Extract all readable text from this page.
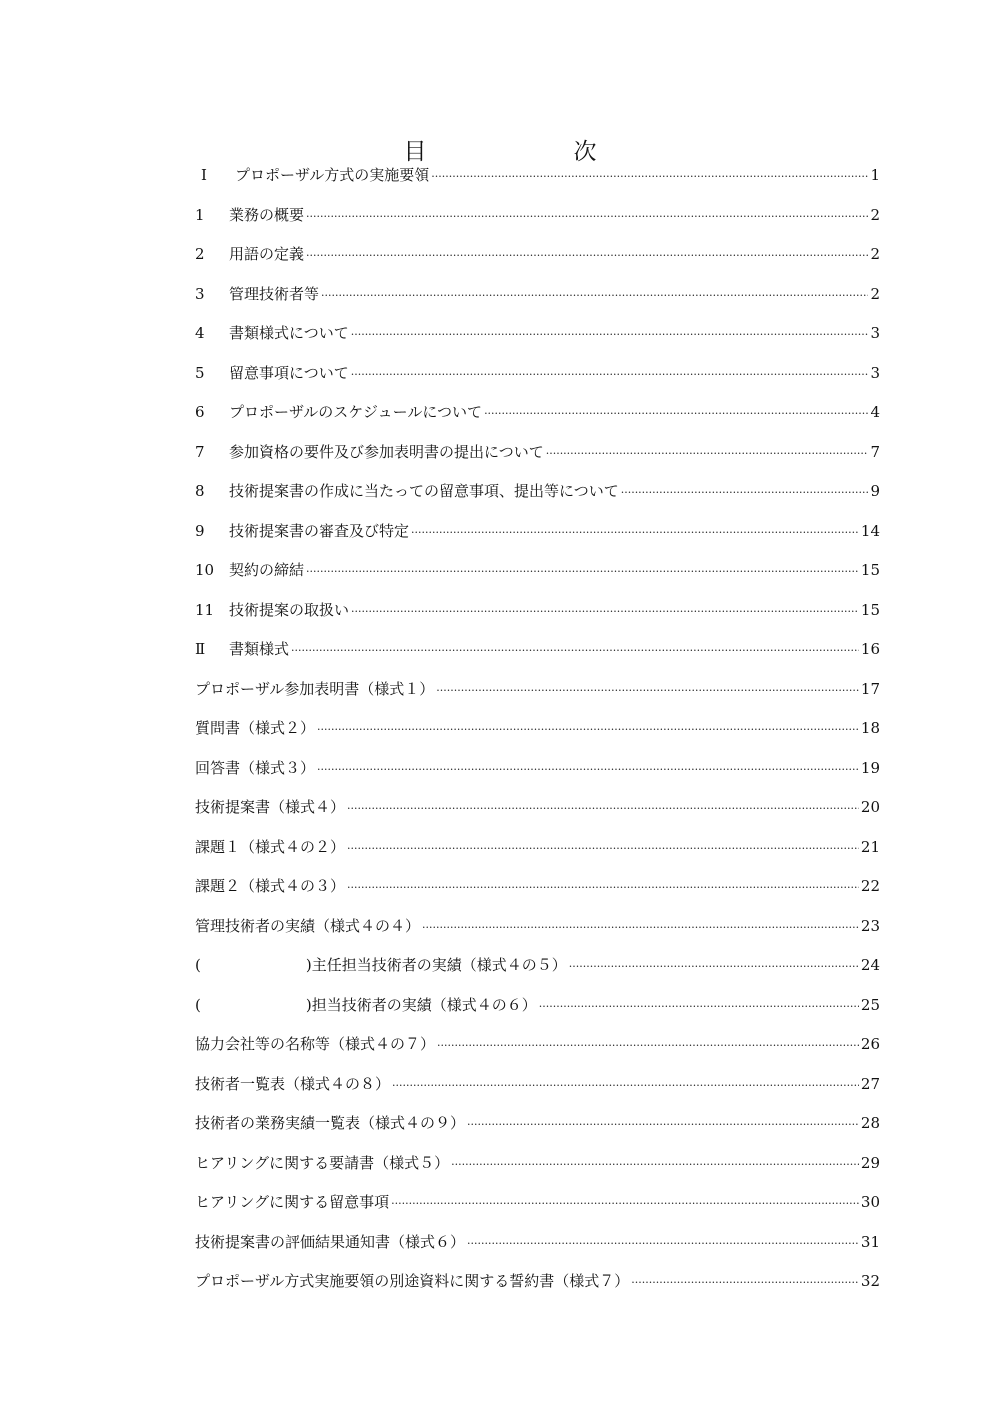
目　次
Ⅰ	プロポーザル方式の実施要領 ·····	1
1	業務の概要 ·····	2
2	用語の定義 ·····	2
3	管理技術者等 ·····	2
4	書類様式について ·····	3
5	留意事項について ·····	3
6	プロポーザルのスケジュールについて ·····	4
7	参加資格の要件及び参加表明書の提出について ·····	7
8	技術提案書の作成に当たっての留意事項、提出等について ·····	9
9	技術提案書の審査及び特定 ·····	14
10 契約の締結 ·····	15
11 技術提案の取扱い ·····	15
Ⅱ	書類様式 ·····	16
プロポーザル参加表明書（様式１） ·····	17
質問書（様式２） ·····	18
回答書（様式３） ·····	19
技術提案書（様式４） ·····	20
課題１（様式４の２） ·····	21
課題２（様式４の３） ·····	22
管理技術者の実績（様式４の４） ·····	23
(　　　　　　　)主任担当技術者の実績（様式４の５） ·····	24
(　　　　　　　)担当技術者の実績（様式４の６） ·····	25
協力会社等の名称等（様式４の７） ·····	26
技術者一覧表（様式４の８） ·····	27
技術者の業務実績一覧表（様式４の９） ·····	28
ヒアリングに関する要請書（様式５） ·····	29
ヒアリングに関する留意事項 ·····	30
技術提案書の評価結果通知書（様式６） ·····	31
プロポーザル方式実施要領の別途資料に関する誓約書（様式７） ·····	32
